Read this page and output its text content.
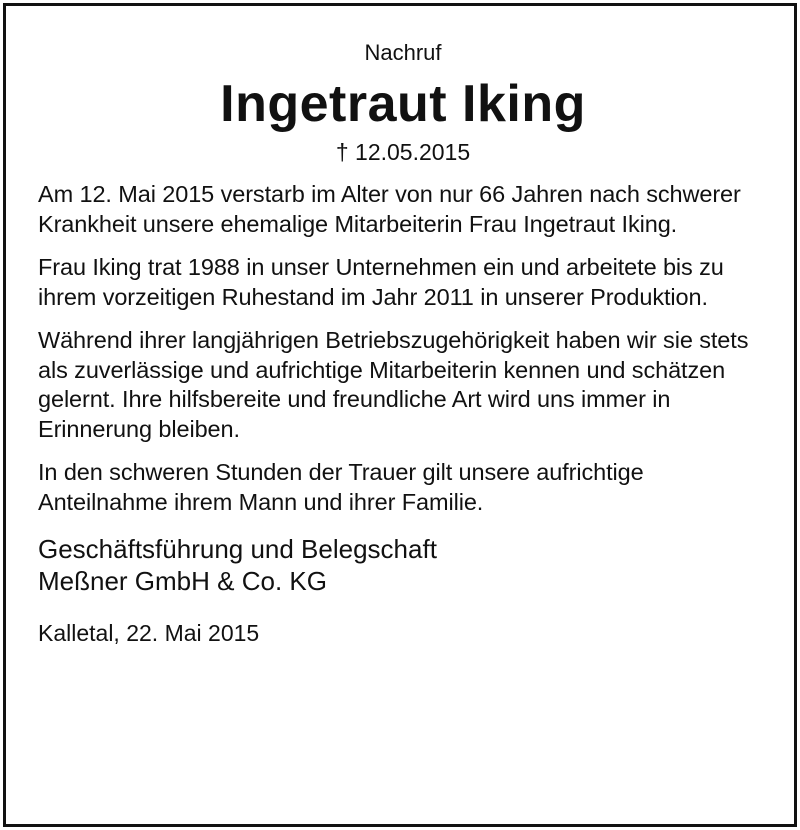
Nachruf

Ingetraut Iking

† 12.05.2015

Am 12. Mai 2015 verstarb im Alter von nur 66 Jahren nach schwerer Krankheit unsere ehemalige Mitarbeiterin Frau Ingetraut Iking.

Frau Iking trat 1988 in unser Unternehmen ein und arbeitete bis zu ihrem vorzeitigen Ruhestand im Jahr 2011 in unserer Produktion.

Während ihrer langjährigen Betriebszugehörigkeit haben wir sie stets als zuverlässige und aufrichtige Mitarbeiterin kennen und schätzen gelernt. Ihre hilfsbereite und freundliche Art wird uns immer in Erinnerung bleiben.

In den schweren Stunden der Trauer gilt unsere aufrichtige Anteilnahme ihrem Mann und ihrer Familie.

Geschäftsführung und Belegschaft
Meßner GmbH & Co. KG

Kalletal, 22. Mai 2015
